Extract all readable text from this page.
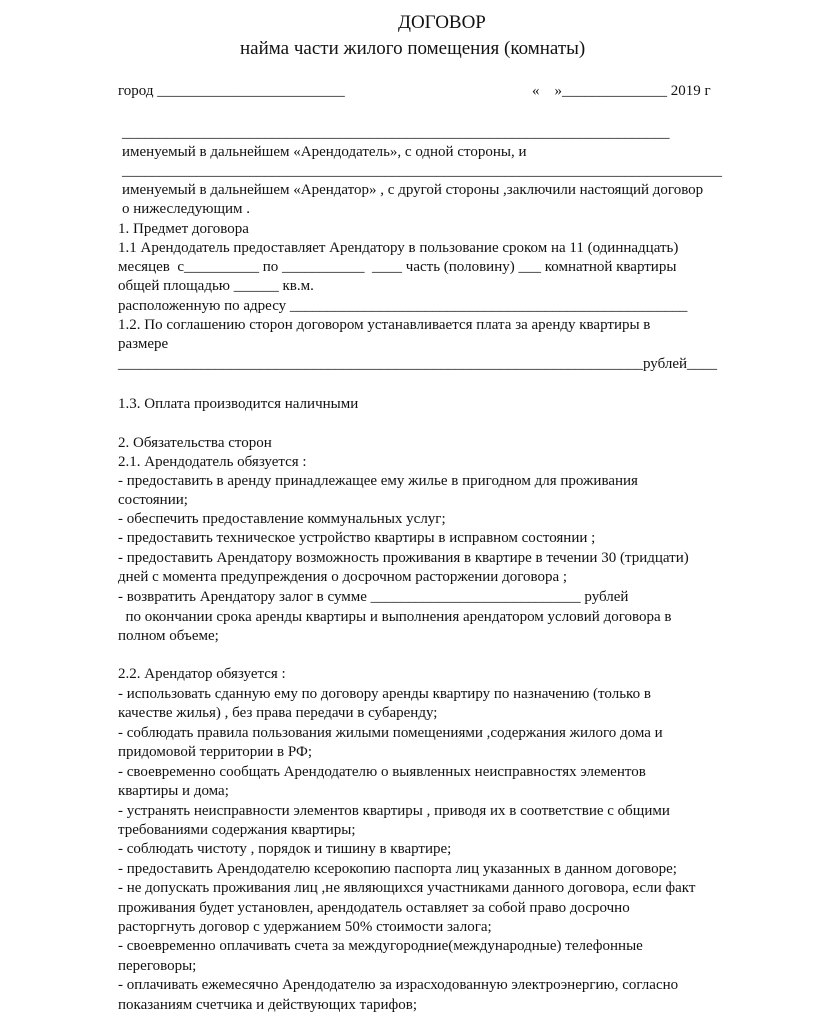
ДОГОВОР
найма части жилого помещения (комнаты)
город _________________________	«    »______________ 2019 г
_________________________________________________________________________
именуемый в дальнейшем «Арендодатель», с одной стороны, и
________________________________________________________________________________
именуемый в дальнейшем «Арендатор» , с другой стороны ,заключили настоящий договор
о нижеследующим .
1. Предмет договора
1.1 Арендодатель предоставляет Арендатору в пользование сроком на 11 (одиннадцать)
месяцев  с__________ по ___________  ____ часть (половину) ___ комнатной квартиры
общей площадью ______ кв.м.
расположенную по адресу _____________________________________________________
1.2. По соглашению сторон договором устанавливается плата за аренду квартиры в
размере
______________________________________________________________________рублей____
1.3. Оплата производится наличными
2. Обязательства сторон
2.1. Арендодатель обязуется :
- предоставить в аренду принадлежащее ему жилье в пригодном для проживания
состоянии;
- обеспечить предоставление коммунальных услуг;
- предоставить техническое устройство квартиры в исправном состоянии ;
- предоставить Арендатору возможность проживания в квартире в течении 30 (тридцати)
дней с момента предупреждения о досрочном расторжении договора ;
- возвратить Арендатору залог в сумме ____________________________ рублей
по окончании срока аренды квартиры и выполнения арендатором условий договора в
полном объеме;
2.2. Арендатор обязуется :
- использовать сданную ему по договору аренды квартиру по назначению (только в
качестве жилья) , без права передачи в субаренду;
- соблюдать правила пользования жилыми помещениями ,содержания жилого дома и
придомовой территории в РФ;
- своевременно сообщать Арендодателю о выявленных неисправностях элементов
квартиры и дома;
- устранять неисправности элементов квартиры , приводя их в соответствие с общими
требованиями содержания квартиры;
- соблюдать чистоту , порядок и тишину в квартире;
- предоставить Арендодателю ксерокопию паспорта лиц указанных в данном договоре;
- не допускать проживания лиц ,не являющихся участниками данного договора, если факт
проживания будет установлен, арендодатель оставляет за собой право досрочно
расторгнуть договор с удержанием 50% стоимости залога;
- своевременно оплачивать счета за междугородние(международные) телефонные
переговоры;
- оплачивать ежемесячно Арендодателю за израсходованную электроэнергию, согласно
показаниям счетчика и действующих тарифов;
